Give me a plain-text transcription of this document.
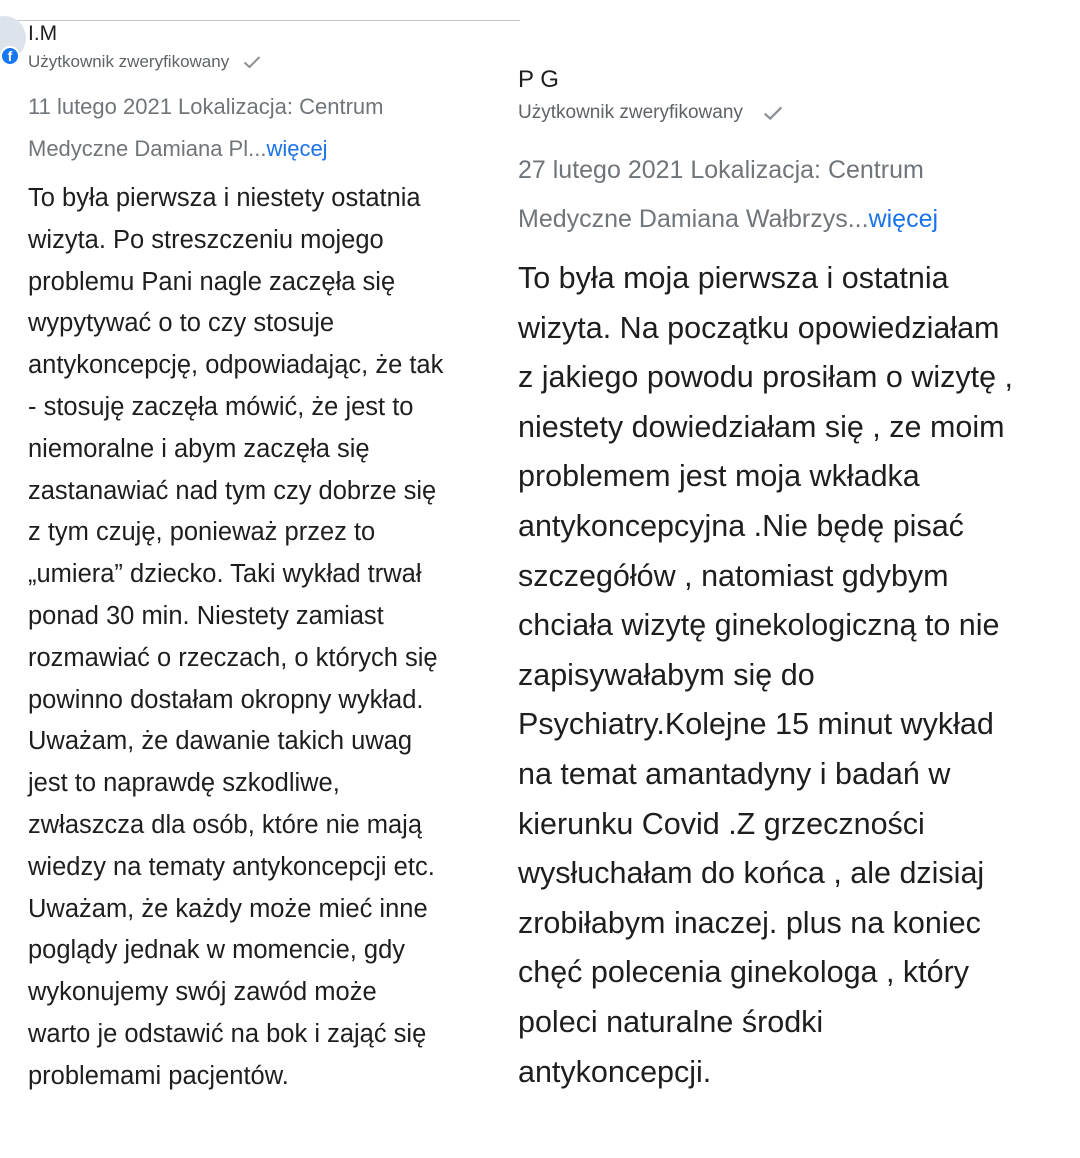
f
I.M
Użytkownik zweryfikowany
11 lutego 2021 Lokalizacja: Centrum
Medyczne Damiana Pl...więcej
To była pierwsza i niestety ostatnia
wizyta. Po streszczeniu mojego
problemu Pani nagle zaczęła się
wypytywać o to czy stosuje
antykoncepcję, odpowiadając, że tak
- stosuję zaczęła mówić, że jest to
niemoralne i abym zaczęła się
zastanawiać nad tym czy dobrze się
z tym czuję, ponieważ przez to
„umiera” dziecko. Taki wykład trwał
ponad 30 min. Niestety zamiast
rozmawiać o rzeczach, o których się
powinno dostałam okropny wykład.
Uważam, że dawanie takich uwag
jest to naprawdę szkodliwe,
zwłaszcza dla osób, które nie mają
wiedzy na tematy antykoncepcji etc.
Uważam, że każdy może mieć inne
poglądy jednak w momencie, gdy
wykonujemy swój zawód może
warto je odstawić na bok i zająć się
problemami pacjentów.
P G
Użytkownik zweryfikowany
27 lutego 2021 Lokalizacja: Centrum
Medyczne Damiana Wałbrzys...więcej
To była moja pierwsza i ostatnia
wizyta. Na początku opowiedziałam
z jakiego powodu prosiłam o wizytę ,
niestety dowiedziałam się , ze moim
problemem jest moja wkładka
antykoncepcyjna .Nie będę pisać
szczegółów , natomiast gdybym
chciała wizytę ginekologiczną to nie
zapisywałabym się do
Psychiatry.Kolejne 15 minut wykład
na temat amantadyny i badań w
kierunku Covid .Z grzeczności
wysłuchałam do końca , ale dzisiaj
zrobiłabym inaczej. plus na koniec
chęć polecenia ginekologa , który
poleci naturalne środki
antykoncepcji.
